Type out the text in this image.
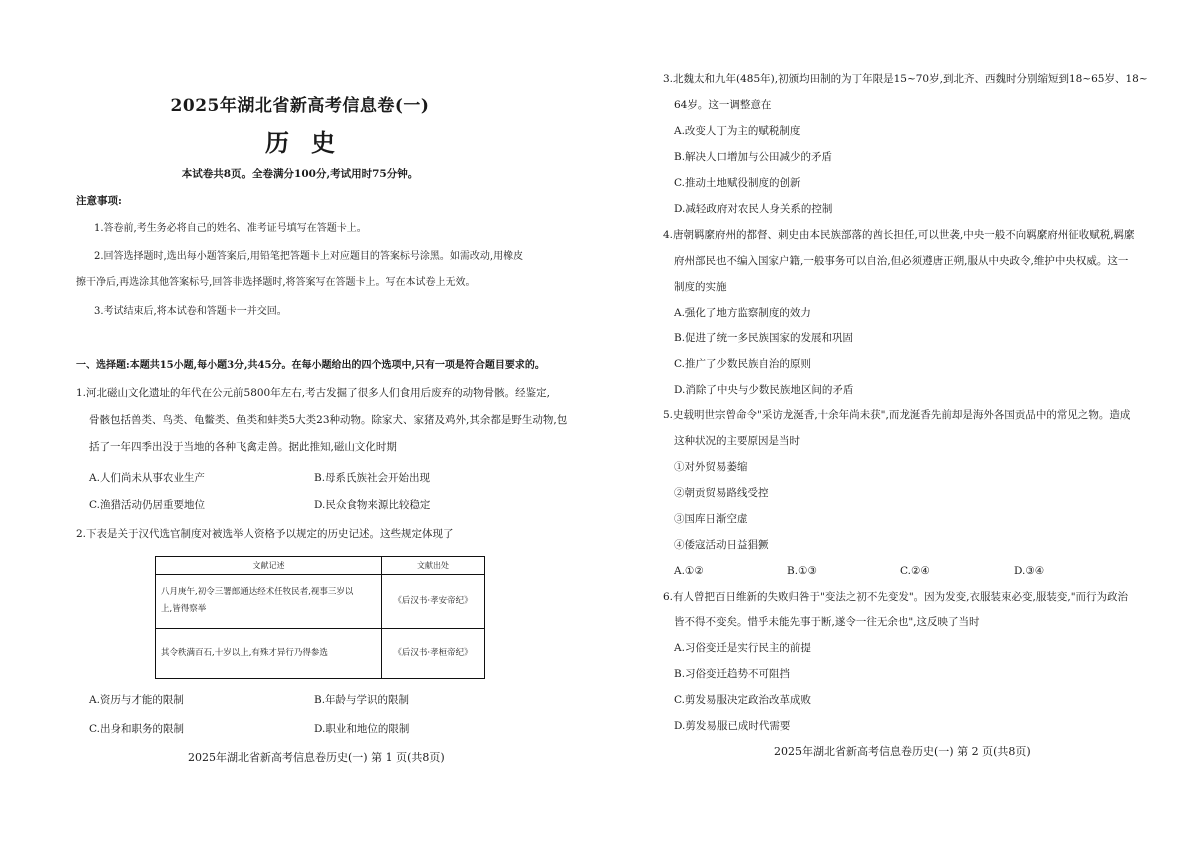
2025年湖北省新高考信息卷(一)
历史
本试卷共8页。全卷满分100分,考试用时75分钟。
注意事项:
1.答卷前,考生务必将自己的姓名、准考证号填写在答题卡上。
2.回答选择题时,选出每小题答案后,用铅笔把答题卡上对应题目的答案标号涂黑。如需改动,用橡皮
擦干净后,再选涂其他答案标号,回答非选择题时,将答案写在答题卡上。写在本试卷上无效。
3.考试结束后,将本试卷和答题卡一并交回。
一、选择题:本题共15小题,每小题3分,共45分。在每小题给出的四个选项中,只有一项是符合题目要求的。
1.河北磁山文化遗址的年代在公元前5800年左右,考古发掘了很多人们食用后废弃的动物骨骸。经鉴定,
骨骸包括兽类、鸟类、龟鳖类、鱼类和蚌类5大类23种动物。除家犬、家猪及鸡外,其余都是野生动物,包
括了一年四季出没于当地的各种飞禽走兽。据此推知,磁山文化时期
A.人们尚未从事农业生产	B.母系氏族社会开始出现
C.渔猎活动仍居重要地位	D.民众食物来源比较稳定
2.下表是关于汉代选官制度对被选举人资格予以规定的历史记述。这些规定体现了
文献记述	文献出处

八月庚午,初令三署郎通达经术任牧民者,视事三岁以
上,皆得察举	《后汉书·孝安帝纪》
其令秩满百石,十岁以上,有殊才异行乃得参选	《后汉书·孝桓帝纪》
A.资历与才能的限制	B.年龄与学识的限制
C.出身和职务的限制	D.职业和地位的限制
2025年湖北省新高考信息卷历史(一) 第 1 页(共8页)
3.北魏太和九年(485年),初颁均田制的为丁年限是15~70岁,到北齐、西魏时分别缩短到18~65岁、18~
64岁。这一调整意在
A.改变人丁为主的赋税制度
B.解决人口增加与公田减少的矛盾
C.推动土地赋役制度的创新
D.减轻政府对农民人身关系的控制
4.唐朝羁縻府州的都督、刺史由本民族部落的酋长担任,可以世袭,中央一般不向羁縻府州征收赋税,羁縻
府州部民也不编入国家户籍,一般事务可以自治,但必须遵唐正朔,服从中央政令,维护中央权威。这一
制度的实施
A.强化了地方监察制度的效力
B.促进了统一多民族国家的发展和巩固
C.推广了少数民族自治的原则
D.消除了中央与少数民族地区间的矛盾
5.史载明世宗曾命令"采访龙涎香,十余年尚未获",而龙涎香先前却是海外各国贡品中的常见之物。造成
这种状况的主要原因是当时
①对外贸易萎缩
②朝贡贸易路线受控
③国库日渐空虚
④倭寇活动日益猖獗
A.①②	B.①③	C.②④	D.③④
6.有人曾把百日维新的失败归咎于"变法之初不先变发"。因为发变,衣服装束必变,服装变,"而行为政治
皆不得不变矣。惜乎未能先事于断,遂令一往无余也",这反映了当时
A.习俗变迁是实行民主的前提
B.习俗变迁趋势不可阻挡
C.剪发易服决定政治改革成败
D.剪发易服已成时代需要
2025年湖北省新高考信息卷历史(一) 第 2 页(共8页)
